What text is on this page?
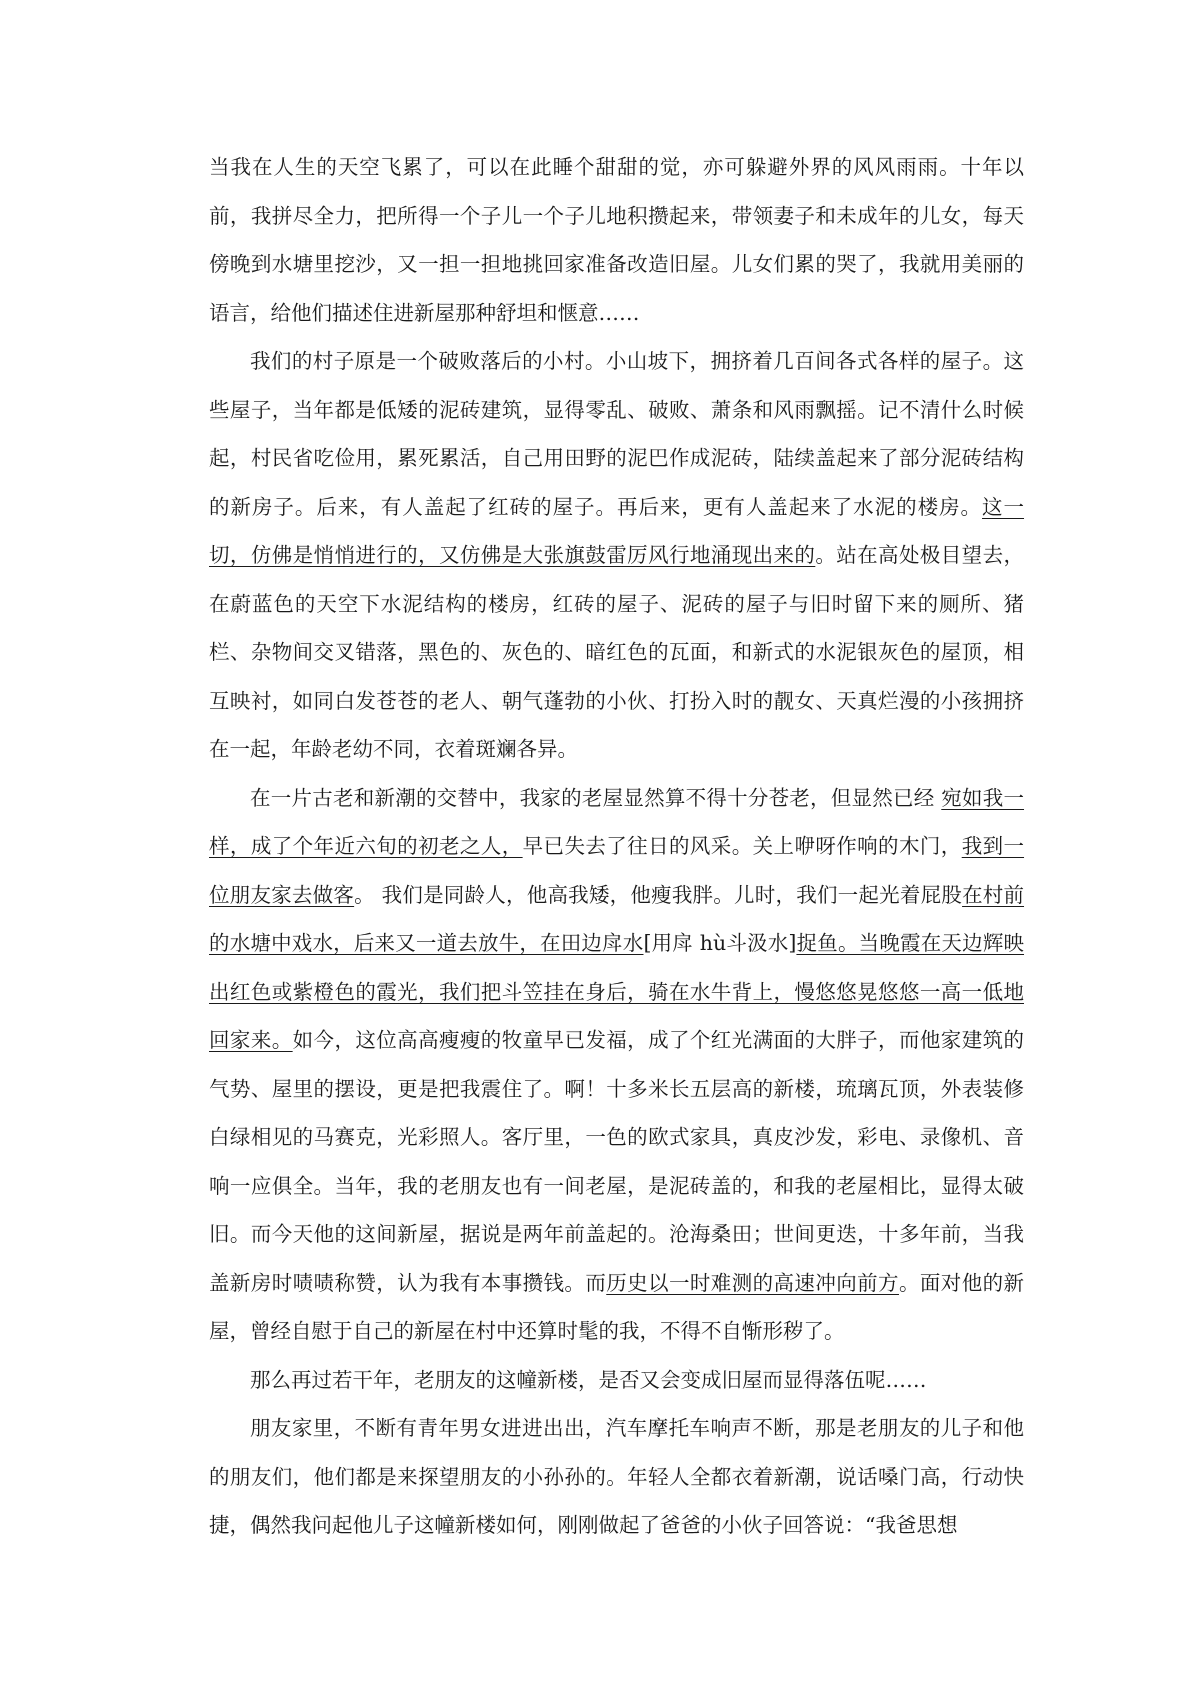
当我在人生的天空飞累了，可以在此睡个甜甜的觉，亦可躲避外界的风风雨雨。十年以前，我拼尽全力，把所得一个子儿一个子儿地积攒起来，带领妻子和未成年的儿女，每天傍晚到水塘里挖沙，又一担一担地挑回家准备改造旧屋。儿女们累的哭了，我就用美丽的语言，给他们描述住进新屋那种舒坦和惬意……

我们的村子原是一个破败落后的小村。小山坡下，拥挤着几百间各式各样的屋子。这些屋子，当年都是低矮的泥砖建筑，显得零乱、破败、萧条和风雨飘摇。记不清什么时候起，村民省吃俭用，累死累活，自己用田野的泥巴作成泥砖，陆续盖起来了部分泥砖结构的新房子。后来，有人盖起了红砖的屋子。再后来，更有人盖起来了水泥的楼房。这一切，仿佛是悄悄进行的，又仿佛是大张旗鼓雷厉风行地涌现出来的。站在高处极目望去，在蔚蓝色的天空下水泥结构的楼房，红砖的屋子、泥砖的屋子与旧时留下来的厕所、猪栏、杂物间交叉错落，黑色的、灰色的、暗红色的瓦面，和新式的水泥银灰色的屋顶，相互映衬，如同白发苍苍的老人、朝气蓬勃的小伙、打扮入时的靓女、天真烂漫的小孩拥挤在一起，年龄老幼不同，衣着斑斓各异。

在一片古老和新潮的交替中，我家的老屋显然算不得十分苍老，但显然已经 宛如我一样，成了个年近六旬的初老之人，早已失去了往日的风采。关上咿呀作响的木门，我到一位朋友家去做客。 我们是同龄人，他高我矮，他瘦我胖。儿时，我们一起光着屁股在村前的水塘中戏水，后来又一道去放牛，在田边戽水[用戽 hù斗汲水]捉鱼。当晚霞在天边辉映出红色或紫橙色的霞光，我们把斗笠挂在身后，骑在水牛背上，慢悠悠晃悠悠一高一低地回家来。如今，这位高高瘦瘦的牧童早已发福，成了个红光满面的大胖子，而他家建筑的气势、屋里的摆设，更是把我震住了。啊！十多米长五层高的新楼，琉璃瓦顶，外表装修白绿相见的马赛克，光彩照人。客厅里，一色的欧式家具，真皮沙发，彩电、录像机、音响一应俱全。当年，我的老朋友也有一间老屋，是泥砖盖的，和我的老屋相比，显得太破旧。而今天他的这间新屋，据说是两年前盖起的。沧海桑田；世间更迭，十多年前，当我盖新房时啧啧称赞，认为我有本事攒钱。而历史以一时难测的高速冲向前方。面对他的新屋，曾经自慰于自己的新屋在村中还算时髦的我，不得不自惭形秽了。

那么再过若干年，老朋友的这幢新楼，是否又会变成旧屋而显得落伍呢……

朋友家里，不断有青年男女进进出出，汽车摩托车响声不断，那是老朋友的儿子和他的朋友们，他们都是来探望朋友的小孙孙的。年轻人全都衣着新潮，说话嗓门高，行动快捷，偶然我问起他儿子这幢新楼如何，刚刚做起了爸爸的小伙子回答说：“我爸思想
